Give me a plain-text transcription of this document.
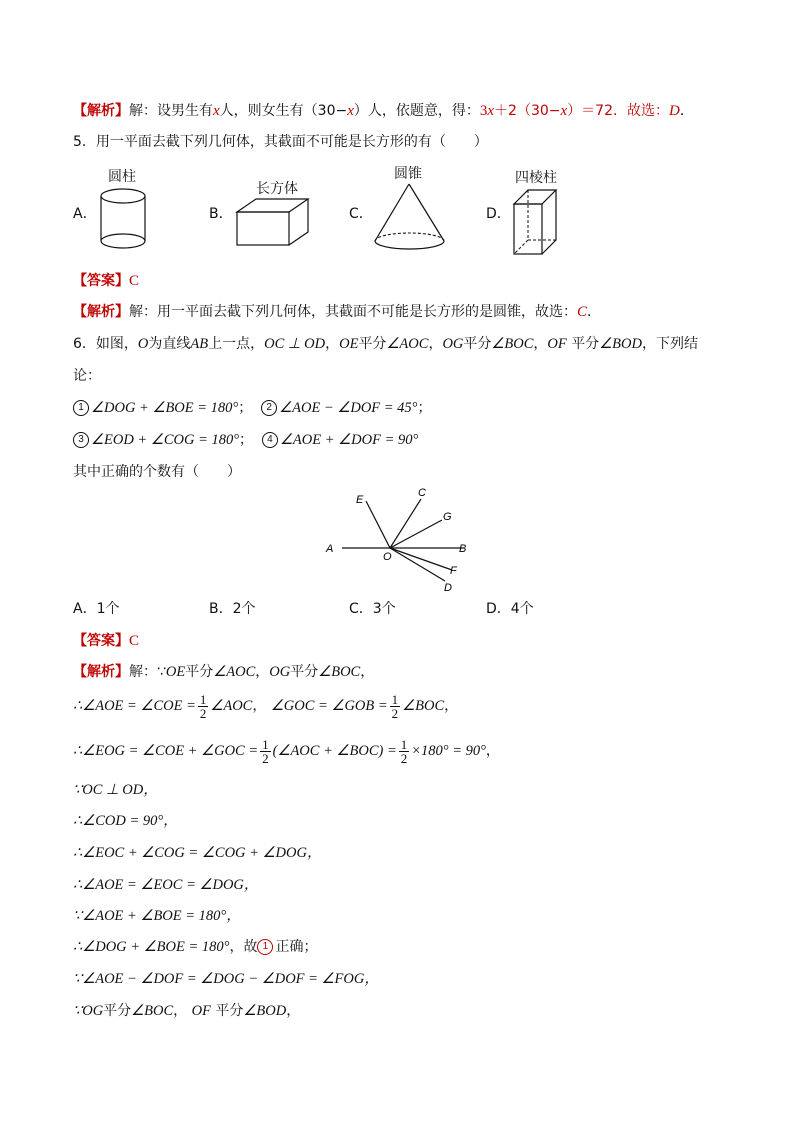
【解析】解：设男生有x人，则女生有（30−x）人，依题意，得：3x＋2（30−x）＝72．故选：D．
5．用一平面去截下列几何体，其截面不可能是长方形的有（　　）
A．
圆柱
B．
长方体
C．
圆锥
D．
四棱柱
【答案】C
【解析】解：用一平面去截下列几何体，其截面不可能是长方形的是圆锥，故选：C．
6．如图，O为直线AB上一点，OC ⊥ OD，OE平分∠AOC，OG平分∠BOC，OF 平分∠BOD，下列结
论：
1 ∠DOG + ∠BOE = 180°； 2 ∠AOE − ∠DOF = 45°；
3 ∠EOD + ∠COG = 180°； 4 ∠AOE + ∠DOF = 90°
其中正确的个数有（　　）
A	B
O
E
C
G
F
D
A．1个	B．2个	C．3个	D．4个
【答案】C
【解析】解：∵OE平分∠AOC，OG平分∠BOC，
∴∠AOE = ∠COE = $\frac{1}{2}$ ∠AOC， ∠GOC = ∠GOB = $\frac{1}{2}$ ∠BOC，
∴∠EOG = ∠COE + ∠GOC = $\frac{1}{2}$ (∠AOC + ∠BOC) = $\frac{1}{2} \times 180^\circ = 90^\circ$，
∵OC ⊥ OD，
∴∠COD = 90°，
∴∠EOC + ∠COG = ∠COG + ∠DOG，
∴∠AOE = ∠EOC = ∠DOG，
∵∠AOE + ∠BOE = 180°，
∴∠DOG + ∠BOE = 180°，故 1 正确；
∵∠AOE − ∠DOF = ∠DOG − ∠DOF = ∠FOG，
∵OG平分∠BOC， OF 平分∠BOD，
